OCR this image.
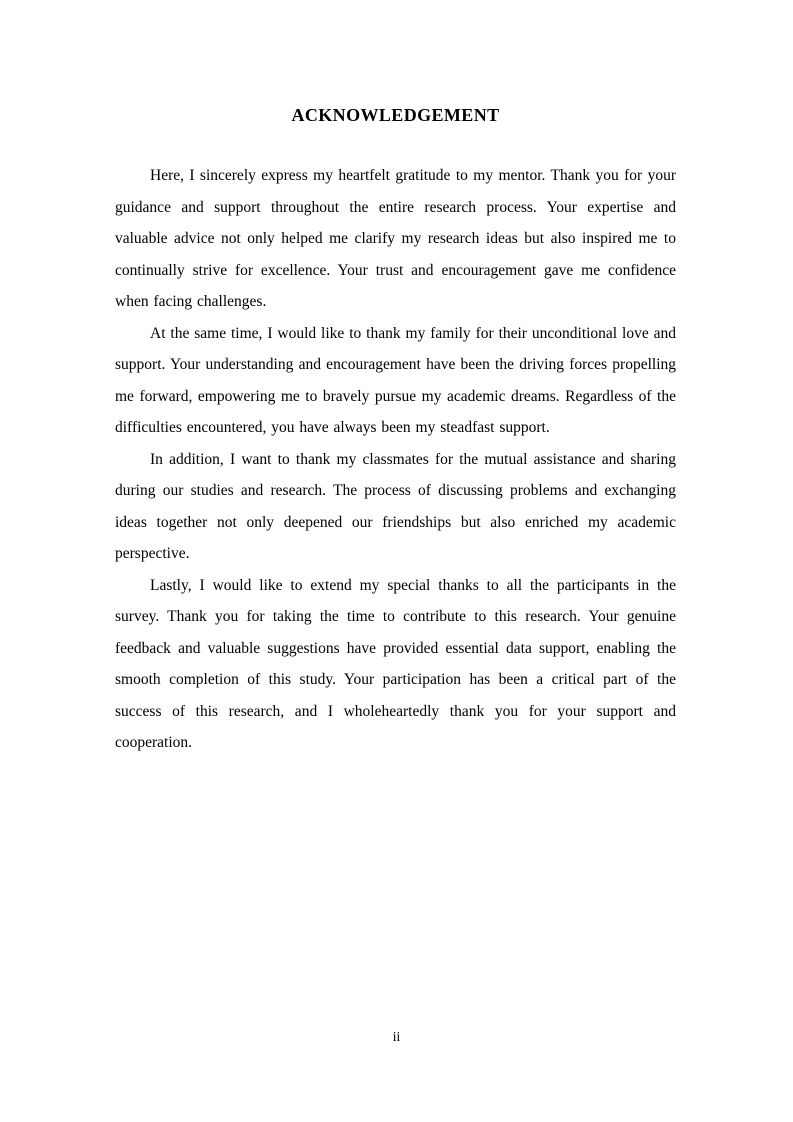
ACKNOWLEDGEMENT

Here, I sincerely express my heartfelt gratitude to my mentor. Thank you for your guidance and support throughout the entire research process. Your expertise and valuable advice not only helped me clarify my research ideas but also inspired me to continually strive for excellence. Your trust and encouragement gave me confidence when facing challenges.

At the same time, I would like to thank my family for their unconditional love and support. Your understanding and encouragement have been the driving forces propelling me forward, empowering me to bravely pursue my academic dreams. Regardless of the difficulties encountered, you have always been my steadfast support.

In addition, I want to thank my classmates for the mutual assistance and sharing during our studies and research. The process of discussing problems and exchanging ideas together not only deepened our friendships but also enriched my academic perspective.

Lastly, I would like to extend my special thanks to all the participants in the survey. Thank you for taking the time to contribute to this research. Your genuine feedback and valuable suggestions have provided essential data support, enabling the smooth completion of this study. Your participation has been a critical part of the success of this research, and I wholeheartedly thank you for your support and cooperation.

ii
